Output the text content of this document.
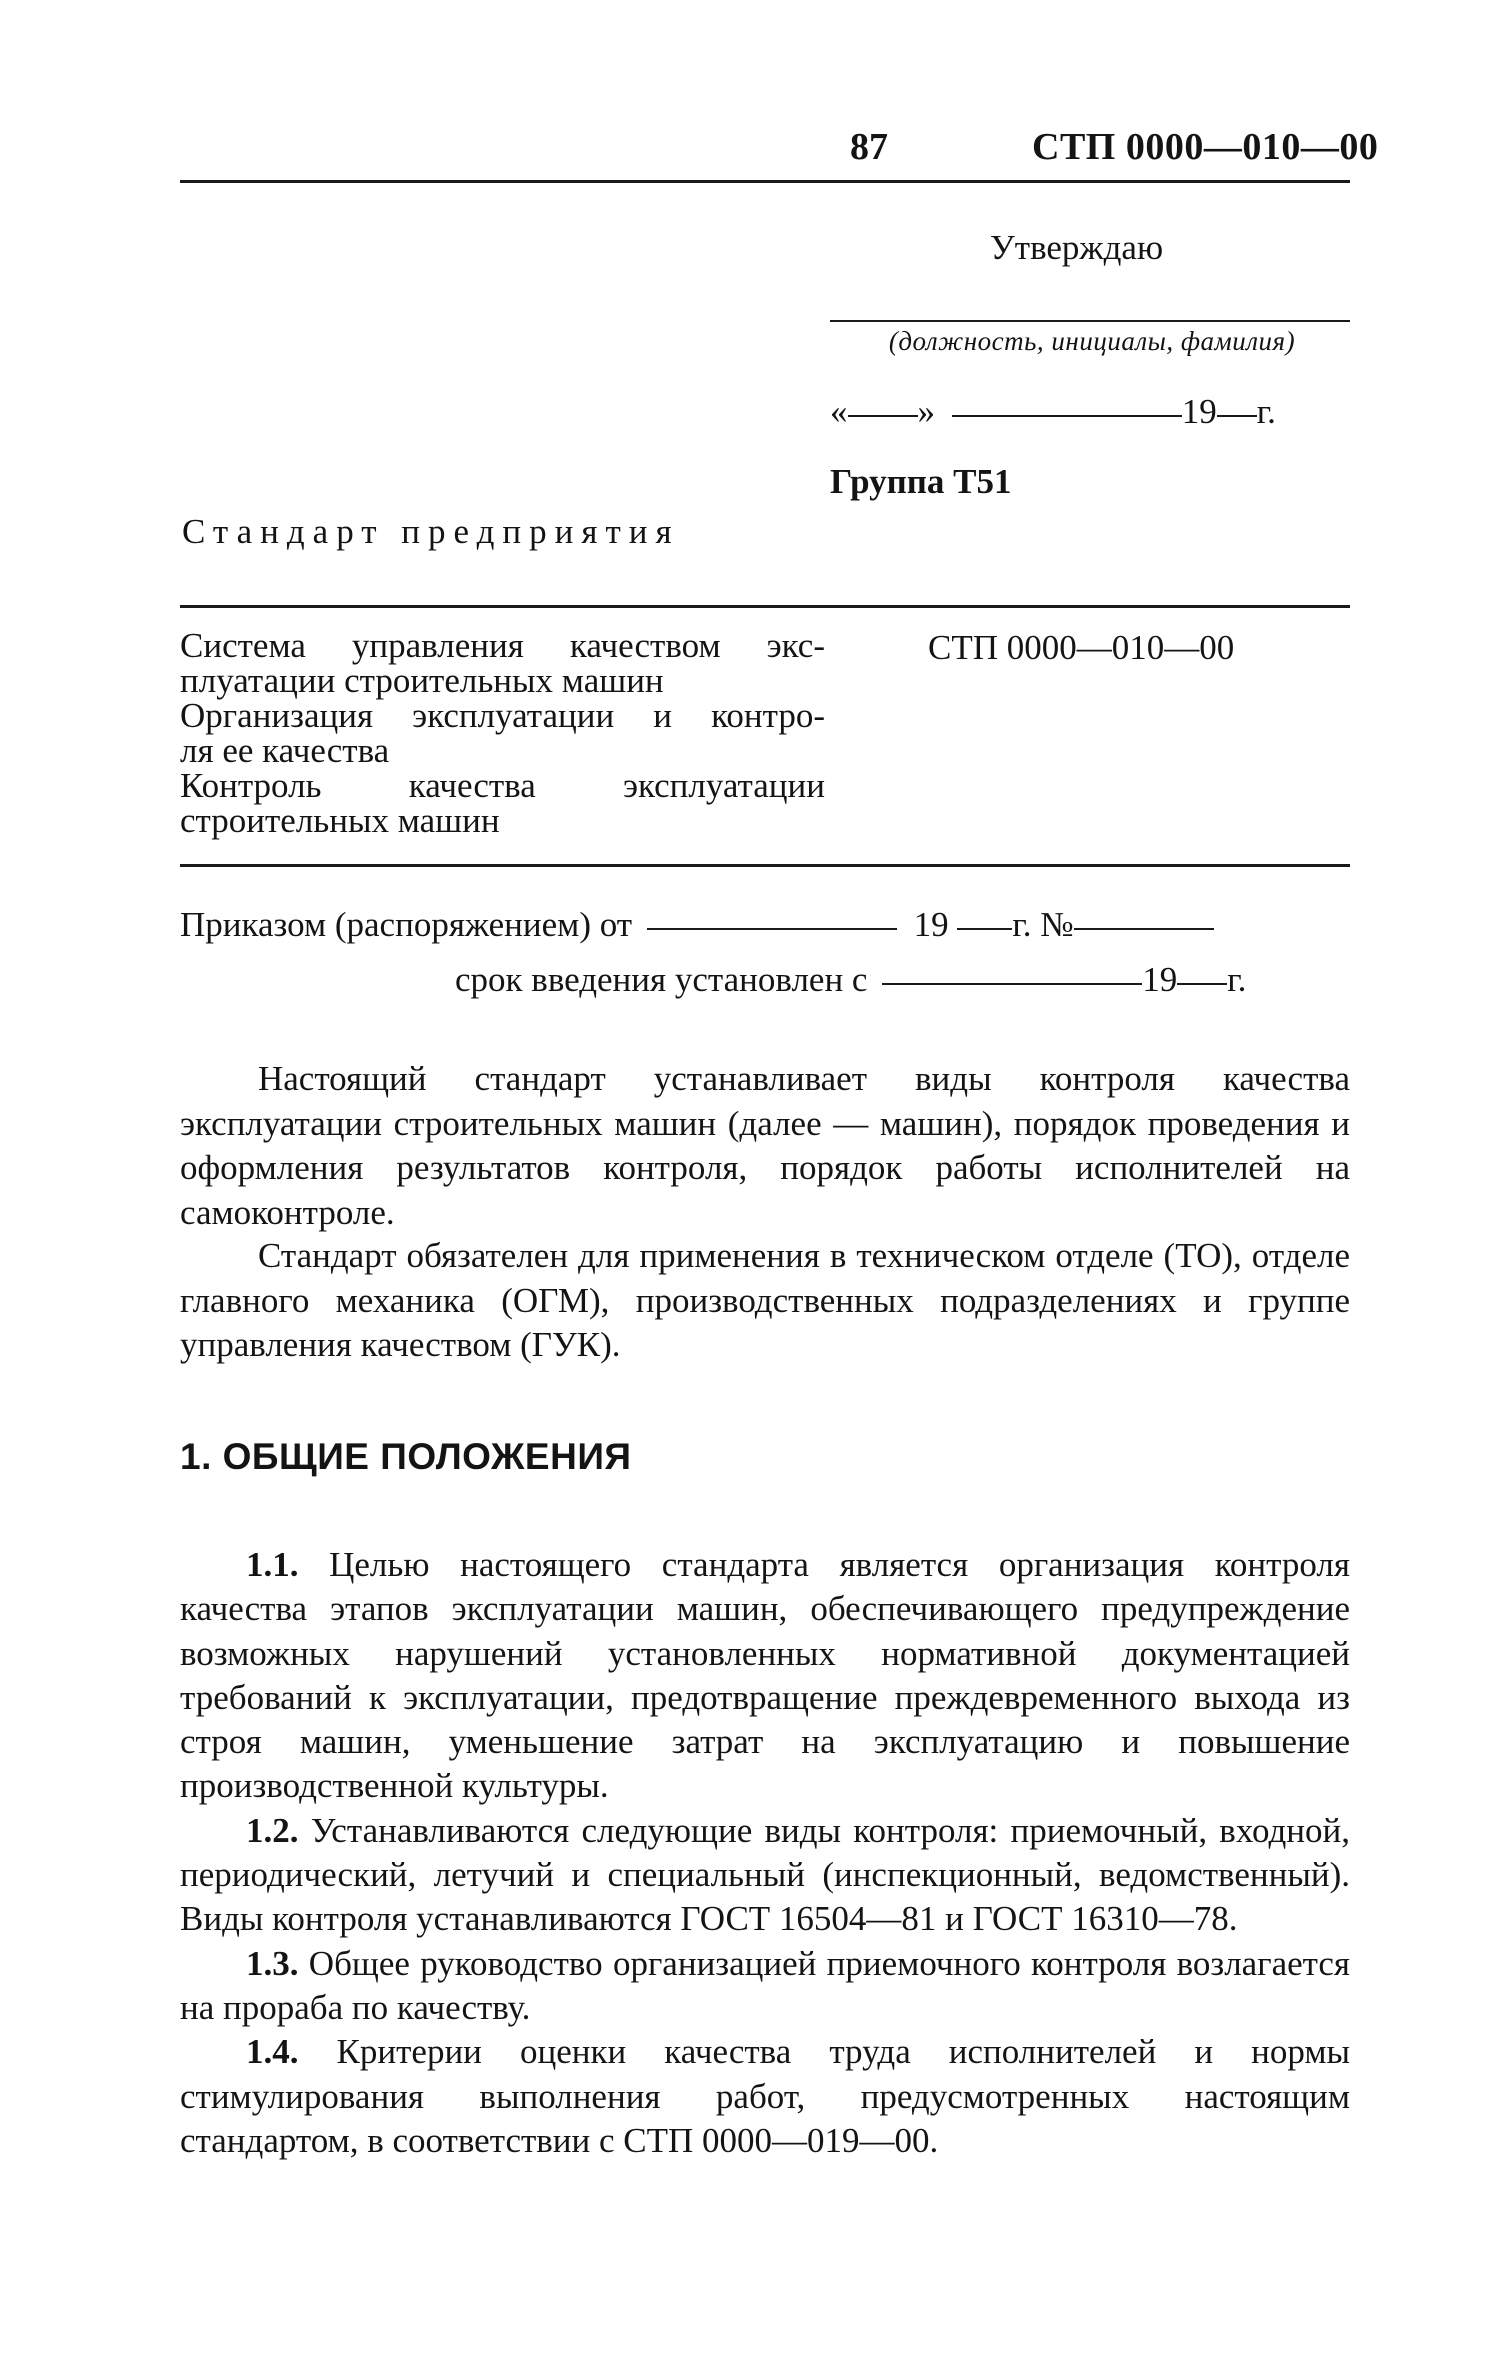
87	СТП 0000—010—00
Утверждаю
(должность, инициалы, фамилия)
« »	19 г.
Группа Т51
Стандарт предприятия
Система управления качеством экс-
плуатации строительных машин
Организация эксплуатации и контро-
ля ее качества
Контроль качества эксплуатации
строительных машин
СТП 0000—010—00
Приказом (распоряжением) от	19 г. №
срок введения установлен с	19 г.

Настоящий стандарт устанавливает виды контроля качества эксплуатации строительных машин (далее — машин), порядок проведения и оформления результатов контроля, порядок работы исполнителей на самоконтроле.

Стандарт обязателен для применения в техническом отделе (ТО), отделе главного механика (ОГМ), производственных подразделениях и группе управления качеством (ГУК).

1. ОБЩИЕ ПОЛОЖЕНИЯ

1.1. Целью настоящего стандарта является организация контроля качества этапов эксплуатации машин, обеспечивающего предупреждение возможных нарушений установленных нормативной документацией требований к эксплуатации, предотвращение преждевременного выхода из строя машин, уменьшение затрат на эксплуатацию и повышение производственной культуры.

1.2. Устанавливаются следующие виды контроля: приемочный, входной, периодический, летучий и специальный (инспекционный, ведомственный). Виды контроля устанавливаются ГОСТ 16504—81 и ГОСТ 16310—78.

1.3. Общее руководство организацией приемочного контроля возлагается на прораба по качеству.

1.4. Критерии оценки качества труда исполнителей и нормы стимулирования выполнения работ, предусмотренных настоящим стандартом, в соответствии с СТП 0000—019—00.
